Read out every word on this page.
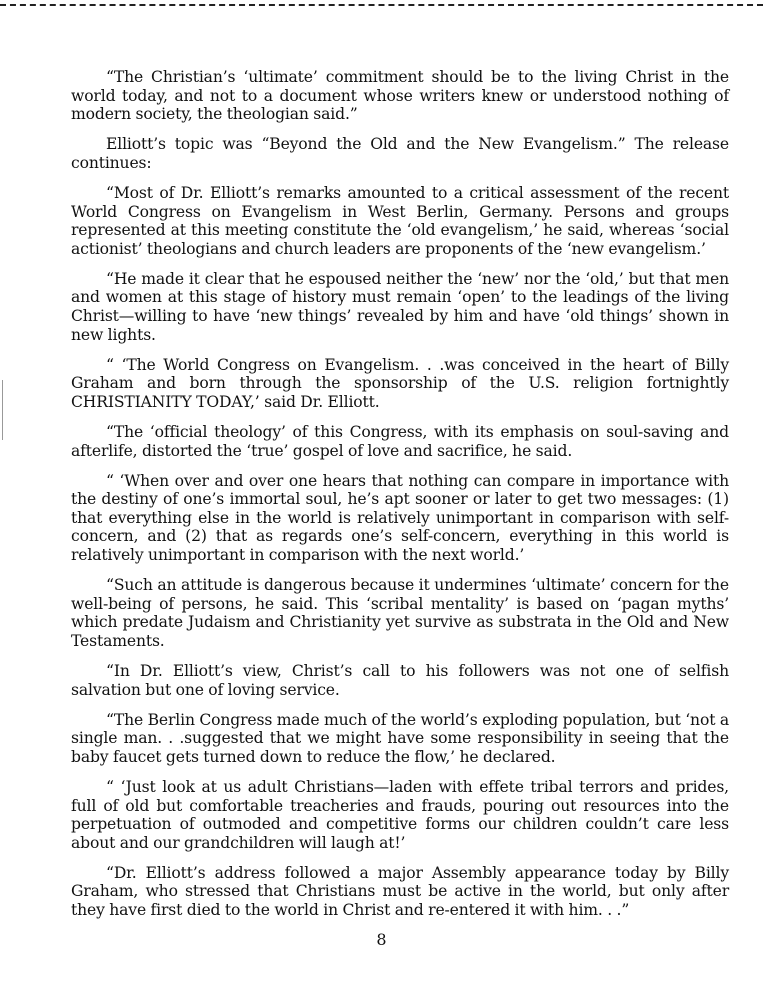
“The Christian’s ‘ultimate’ commitment should be to the living Christ in the world today, and not to a document whose writers knew or understood nothing of modern society, the theologian said.”

Elliott’s topic was “Beyond the Old and the New Evangelism.” The release continues:

“Most of Dr. Elliott’s remarks amounted to a critical assessment of the recent World Congress on Evangelism in West Berlin, Germany. Persons and groups represented at this meeting constitute the ‘old evangelism,’ he said, whereas ‘social actionist’ theologians and church leaders are proponents of the ‘new evangelism.’

“He made it clear that he espoused neither the ‘new’ nor the ‘old,’ but that men and women at this stage of history must remain ‘open’ to the leadings of the living Christ—willing to have ‘new things’ revealed by him and have ‘old things’ shown in new lights.

“ ‘The World Congress on Evangelism. . .was conceived in the heart of Billy Graham and born through the sponsorship of the U.S. religion fortnightly CHRISTIANITY TODAY,’ said Dr. Elliott.

“The ‘official theology’ of this Congress, with its emphasis on soul-saving and afterlife, distorted the ‘true’ gospel of love and sacrifice, he said.

“ ‘When over and over one hears that nothing can compare in importance with the destiny of one’s immortal soul, he’s apt sooner or later to get two messages: (1) that everything else in the world is relatively unimportant in comparison with self-concern, and (2) that as regards one’s self-concern, everything in this world is relatively unimportant in comparison with the next world.’

“Such an attitude is dangerous because it undermines ‘ultimate’ concern for the well-being of persons, he said. This ‘scribal mentality’ is based on ‘pagan myths’ which predate Judaism and Christianity yet survive as substrata in the Old and New Testaments.

“In Dr. Elliott’s view, Christ’s call to his followers was not one of selfish salvation but one of loving service.

“The Berlin Congress made much of the world’s exploding population, but ‘not a single man. . .suggested that we might have some responsibility in seeing that the baby faucet gets turned down to reduce the flow,’ he declared.

“ ‘Just look at us adult Christians—laden with effete tribal terrors and prides, full of old but comfortable treacheries and frauds, pouring out resources into the perpetuation of outmoded and competitive forms our children couldn’t care less about and our grandchildren will laugh at!’

“Dr. Elliott’s address followed a major Assembly appearance today by Billy Graham, who stressed that Christians must be active in the world, but only after they have first died to the world in Christ and re-entered it with him. . .”

8
